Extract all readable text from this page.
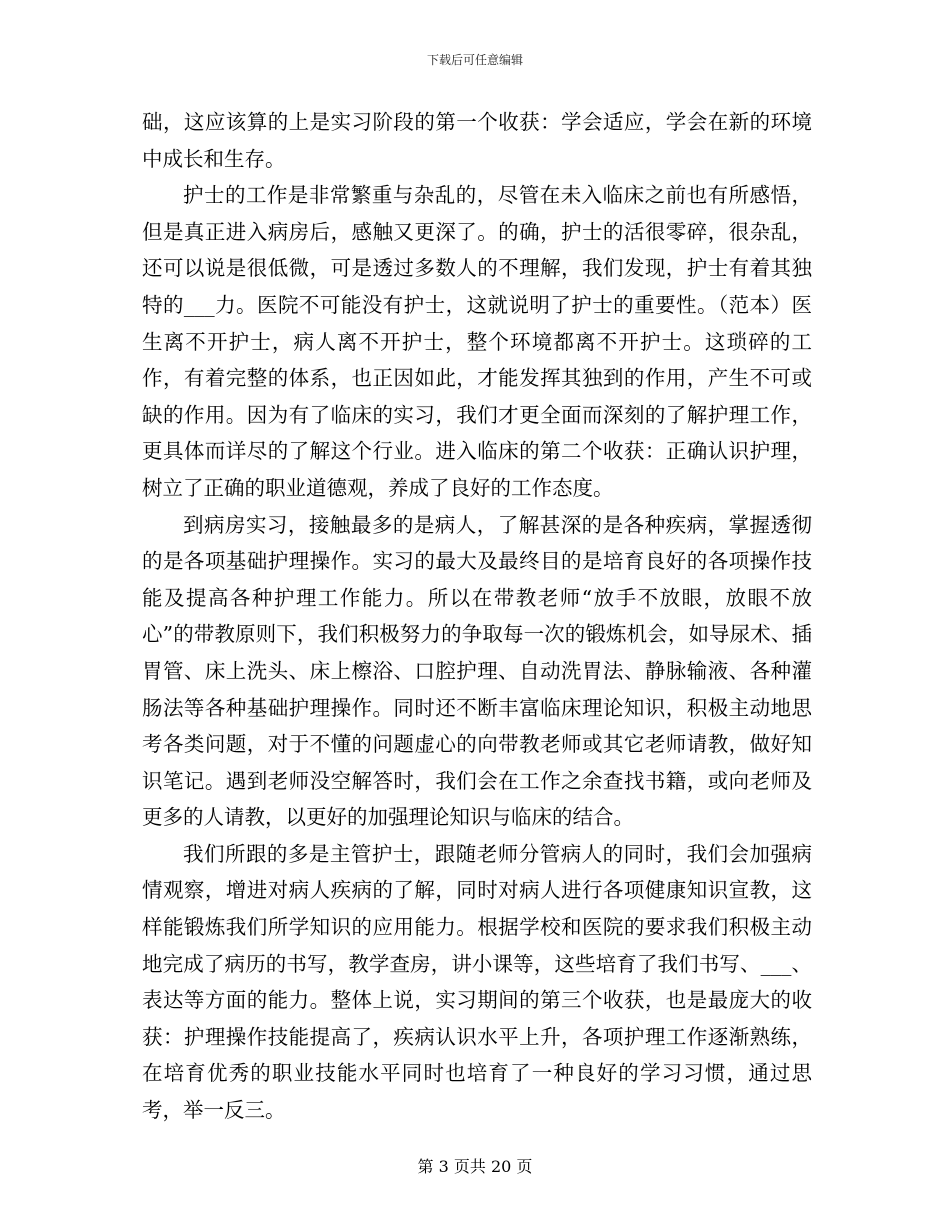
下载后可任意编辑

础，这应该算的上是实习阶段的第一个收获：学会适应，学会在新的环境中成长和生存。

护士的工作是非常繁重与杂乱的，尽管在未入临床之前也有所感悟，但是真正进入病房后，感触又更深了。的确，护士的活很零碎，很杂乱，还可以说是很低微，可是透过多数人的不理解，我们发现，护士有着其独特的___力。医院不可能没有护士，这就说明了护士的重要性。（范本）医生离不开护士，病人离不开护士，整个环境都离不开护士。这琐碎的工作，有着完整的体系，也正因如此，才能发挥其独到的作用，产生不可或缺的作用。因为有了临床的实习，我们才更全面而深刻的了解护理工作，更具体而详尽的了解这个行业。进入临床的第二个收获：正确认识护理，树立了正确的职业道德观，养成了良好的工作态度。

到病房实习，接触最多的是病人，了解甚深的是各种疾病，掌握透彻的是各项基础护理操作。实习的最大及最终目的是培育良好的各项操作技能及提高各种护理工作能力。所以在带教老师“放手不放眼，放眼不放心”的带教原则下，我们积极努力的争取每一次的锻炼机会，如导尿术、插胃管、床上洗头、床上檫浴、口腔护理、自动洗胃法、静脉输液、各种灌肠法等各种基础护理操作。同时还不断丰富临床理论知识，积极主动地思考各类问题，对于不懂的问题虚心的向带教老师或其它老师请教，做好知识笔记。遇到老师没空解答时，我们会在工作之余查找书籍，或向老师及更多的人请教，以更好的加强理论知识与临床的结合。

我们所跟的多是主管护士，跟随老师分管病人的同时，我们会加强病情观察，增进对病人疾病的了解，同时对病人进行各项健康知识宣教，这样能锻炼我们所学知识的应用能力。根据学校和医院的要求我们积极主动地完成了病历的书写，教学查房，讲小课等，这些培育了我们书写、___、表达等方面的能力。整体上说，实习期间的第三个收获，也是最庞大的收获：护理操作技能提高了，疾病认识水平上升，各项护理工作逐渐熟练，在培育优秀的职业技能水平同时也培育了一种良好的学习习惯，通过思考，举一反三。

第 3 页共 20 页
